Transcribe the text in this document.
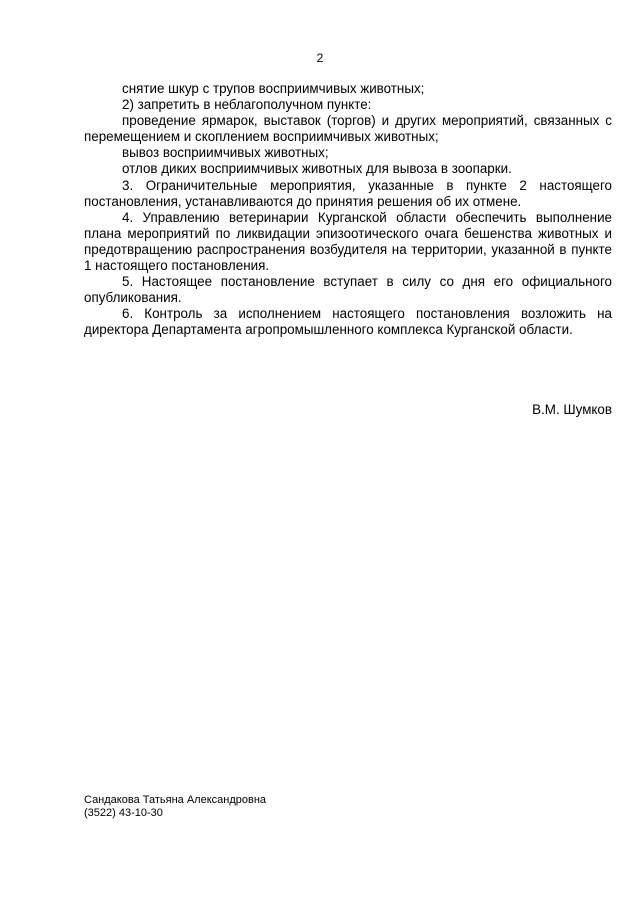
2

снятие шкур с трупов восприимчивых животных;

2) запретить в неблагополучном пункте:

проведение ярмарок, выставок (торгов) и других мероприятий, связанных с перемещением и скоплением восприимчивых животных;

вывоз восприимчивых животных;

отлов диких восприимчивых животных для вывоза в зоопарки.

3. Ограничительные мероприятия, указанные в пункте 2 настоящего постановления, устанавливаются до принятия решения об их отмене.

4. Управлению ветеринарии Курганской области обеспечить выполнение плана мероприятий по ликвидации эпизоотического очага бешенства животных и предотвращению распространения возбудителя на территории, указанной в пункте 1 настоящего постановления.

5. Настоящее постановление вступает в силу со дня его официального опубликования.

6. Контроль за исполнением настоящего постановления возложить на директора Департамента агропромышленного комплекса Курганской области.

В.М. Шумков
Сандакова Татьяна Александровна
(3522) 43-10-30
